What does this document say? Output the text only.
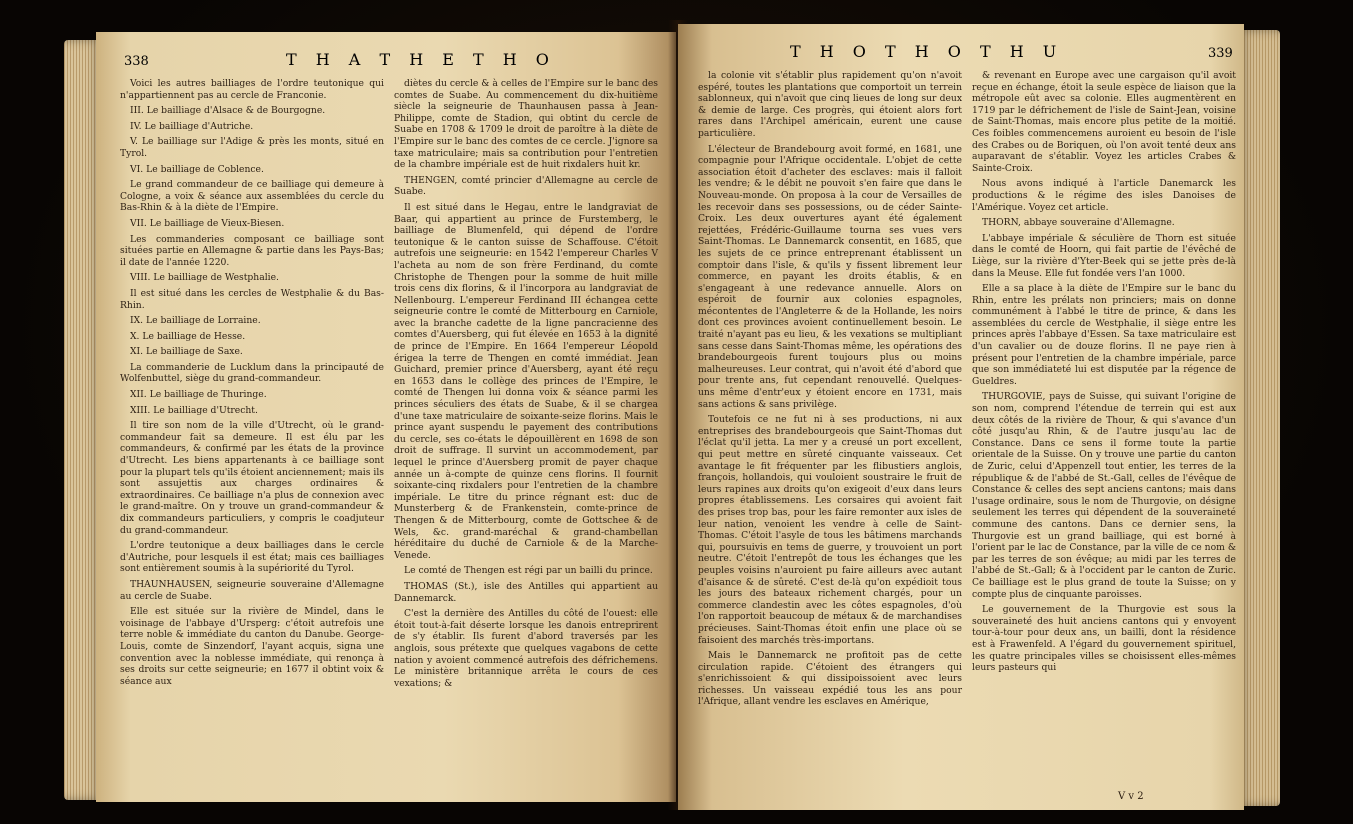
338	T H A T H E T H O

Voici les autres bailliages de l'ordre teutonique qui n'appartiennent pas au cercle de Franconie.

III. Le bailliage d'Alsace & de Bourgogne.

IV. Le bailliage d'Autriche.

V. Le bailliage sur l'Adige & près les monts, situé en Tyrol.

VI. Le bailliage de Coblence.

Le grand commandeur de ce bailliage qui demeure à Cologne, a voix & séance aux assemblées du cercle du Bas-Rhin & à la diète de l'Empire.

VII. Le bailliage de Vieux-Biesen.

Les commanderies composant ce bailliage sont situées partie en Allemagne & partie dans les Pays-Bas; il date de l'année 1220.

VIII. Le bailliage de Westphalie.

Il est situé dans les cercles de Westphalie & du Bas-Rhin.

IX. Le bailliage de Lorraine.

X. Le bailliage de Hesse.

XI. Le bailliage de Saxe.

La commanderie de Lucklum dans la principauté de Wolfenbuttel, siège du grand-commandeur.

XII. Le bailliage de Thuringe.

XIII. Le bailliage d'Utrecht.

Il tire son nom de la ville d'Utrecht, où le grand-commandeur fait sa demeure. Il est élu par les commandeurs, & confirmé par les états de la province d'Utrecht. Les biens appartenants à ce bailliage sont pour la plupart tels qu'ils étoient anciennement; mais ils sont assujettis aux charges ordinaires & extraordinaires. Ce bailliage n'a plus de connexion avec le grand-maître. On y trouve un grand-commandeur & dix commandeurs particuliers, y compris le coadjuteur du grand-commandeur.

L'ordre teutonique a deux bailliages dans le cercle d'Autriche, pour lesquels il est état; mais ces bailliages sont entièrement soumis à la supériorité du Tyrol.

THAUNHAUSEN, seigneurie souveraine d'Allemagne au cercle de Suabe.

Elle est située sur la rivière de Mindel, dans le voisinage de l'abbaye d'Ursperg: c'étoit autrefois une terre noble & immédiate du canton du Danube. George-Louis, comte de Sinzendorf, l'ayant acquis, signa une convention avec la noblesse immédiate, qui renonça à ses droits sur cette seigneurie; en 1677 il obtint voix & séance aux

diètes du cercle & à celles de l'Empire sur le banc des comtes de Suabe. Au commencement du dix-huitième siècle la seigneurie de Thaunhausen passa à Jean-Philippe, comte de Stadion, qui obtint du cercle de Suabe en 1708 & 1709 le droit de paroître à la diète de l'Empire sur le banc des comtes de ce cercle. J'ignore sa taxe matriculaire; mais sa contribution pour l'entretien de la chambre impériale est de huit rixdalers huit kr.

THENGEN, comté princier d'Allemagne au cercle de Suabe.

Il est situé dans le Hegau, entre le landgraviat de Baar, qui appartient au prince de Furstemberg, le bailliage de Blumenfeld, qui dépend de l'ordre teutonique & le canton suisse de Schaffouse. C'étoit autrefois une seigneurie: en 1542 l'empereur Charles V l'acheta au nom de son frère Ferdinand, du comte Christophe de Thengen pour la somme de huit mille trois cens dix florins, & il l'incorpora au landgraviat de Nellenbourg. L'empereur Ferdinand III échangea cette seigneurie contre le comté de Mitterbourg en Carniole, avec la branche cadette de la ligne pancracienne des comtes d'Auersberg, qui fut élevée en 1653 à la dignité de prince de l'Empire. En 1664 l'empereur Léopold érigea la terre de Thengen en comté immédiat. Jean Guichard, premier prince d'Auersberg, ayant été reçu en 1653 dans le collège des princes de l'Empire, le comté de Thengen lui donna voix & séance parmi les princes séculiers des états de Suabe, & il se chargea d'une taxe matriculaire de soixante-seize florins. Mais le prince ayant suspendu le payement des contributions du cercle, ses co-états le dépouillèrent en 1698 de son droit de suffrage. Il survint un accommodement, par lequel le prince d'Auersberg promit de payer chaque année un à-compte de quinze cens florins. Il fournit soixante-cinq rixdalers pour l'entretien de la chambre impériale. Le titre du prince régnant est: duc de Munsterberg & de Frankenstein, comte-prince de Thengen & de Mitterbourg, comte de Gottschee & de Wels, &c. grand-maréchal & grand-chambellan héréditaire du duché de Carniole & de la Marche-Venede.

Le comté de Thengen est régi par un bailli du prince.

THOMAS (St.), isle des Antilles qui appartient au Dannemarck.

C'est la dernière des Antilles du côté de l'ouest: elle étoit tout-à-fait déserte lorsque les danois entreprirent de s'y établir. Ils furent d'abord traversés par les anglois, sous prétexte que quelques vagabons de cette nation y avoient commencé autrefois des défrichemens. Le ministère britannique arrêta le cours de ces vexations; &

T H O T H O T H U	339

la colonie vit s'établir plus rapidement qu'on n'avoit espéré, toutes les plantations que comportoit un terrein sablonneux, qui n'avoit que cinq lieues de long sur deux & demie de large. Ces progrès, qui étoient alors fort rares dans l'Archipel américain, eurent une cause particulière.

L'électeur de Brandebourg avoit formé, en 1681, une compagnie pour l'Afrique occidentale. L'objet de cette association étoit d'acheter des esclaves: mais il falloit les vendre; & le débit ne pouvoit s'en faire que dans le Nouveau-monde. On proposa à la cour de Versailles de les recevoir dans ses possessions, ou de céder Sainte-Croix. Les deux ouvertures ayant été également rejettées, Frédéric-Guillaume tourna ses vues vers Saint-Thomas. Le Dannemarck consentit, en 1685, que les sujets de ce prince entreprenant établissent un comptoir dans l'isle, & qu'ils y fissent librement leur commerce, en payant les droits établis, & en s'engageant à une redevance annuelle. Alors on espéroit de fournir aux colonies espagnoles, mécontentes de l'Angleterre & de la Hollande, les noirs dont ces provinces avoient continuellement besoin. Le traité n'ayant pas eu lieu, & les vexations se multipliant sans cesse dans Saint-Thomas même, les opérations des brandebourgeois furent toujours plus ou moins malheureuses. Leur contrat, qui n'avoit été d'abord que pour trente ans, fut cependant renouvellé. Quelques-uns même d'entr'eux y étoient encore en 1731, mais sans actions & sans privilège.

Toutefois ce ne fut ni à ses productions, ni aux entreprises des brandebourgeois que Saint-Thomas dut l'éclat qu'il jetta. La mer y a creusé un port excellent, qui peut mettre en sûreté cinquante vaisseaux. Cet avantage le fit fréquenter par les flibustiers anglois, françois, hollandois, qui vouloient soustraire le fruit de leurs rapines aux droits qu'on exigeoit d'eux dans leurs propres établissemens. Les corsaires qui avoient fait des prises trop bas, pour les faire remonter aux isles de leur nation, venoient les vendre à celle de Saint-Thomas. C'étoit l'asyle de tous les bâtimens marchands qui, poursuivis en tems de guerre, y trouvoient un port neutre. C'étoit l'entrepôt de tous les échanges que les peuples voisins n'auroient pu faire ailleurs avec autant d'aisance & de sûreté. C'est de-là qu'on expédioit tous les jours des bateaux richement chargés, pour un commerce clandestin avec les côtes espagnoles, d'où l'on rapportoit beaucoup de métaux & de marchandises précieuses. Saint-Thomas étoit enfin une place où se faisoient des marchés très-importans.

Mais le Dannemarck ne profitoit pas de cette circulation rapide. C'étoient des étrangers qui s'enrichissoient & qui dissipoissoient avec leurs richesses. Un vaisseau expédié tous les ans pour l'Afrique, allant vendre les esclaves en Amérique,

& revenant en Europe avec une cargaison qu'il avoit reçue en échange, étoit la seule espèce de liaison que la métropole eût avec sa colonie. Elles augmentèrent en 1719 par le défrichement de l'isle de Saint-Jean, voisine de Saint-Thomas, mais encore plus petite de la moitié. Ces foibles commencemens auroient eu besoin de l'isle des Crabes ou de Boriquen, où l'on avoit tenté deux ans auparavant de s'établir. Voyez les articles Crabes & Sainte-Croix.

Nous avons indiqué à l'article Danemarck les productions & le régime des isles Danoises de l'Amérique. Voyez cet article.

THORN, abbaye souveraine d'Allemagne.

L'abbaye impériale & séculière de Thorn est située dans le comté de Hoorn, qui fait partie de l'évêché de Liège, sur la rivière d'Yter-Beek qui se jette près de-là dans la Meuse. Elle fut fondée vers l'an 1000.

Elle a sa place à la diète de l'Empire sur le banc du Rhin, entre les prélats non princiers; mais on donne communément à l'abbé le titre de prince, & dans les assemblées du cercle de Westphalie, il siège entre les princes après l'abbaye d'Essen. Sa taxe matriculaire est d'un cavalier ou de douze florins. Il ne paye rien à présent pour l'entretien de la chambre impériale, parce que son immédiateté lui est disputée par la régence de Gueldres.

THURGOVIE, pays de Suisse, qui suivant l'origine de son nom, comprend l'étendue de terrein qui est aux deux côtés de la rivière de Thour, & qui s'avance d'un côté jusqu'au Rhin, & de l'autre jusqu'au lac de Constance. Dans ce sens il forme toute la partie orientale de la Suisse. On y trouve une partie du canton de Zuric, celui d'Appenzell tout entier, les terres de la république & de l'abbé de St.-Gall, celles de l'évêque de Constance & celles des sept anciens cantons; mais dans l'usage ordinaire, sous le nom de Thurgovie, on désigne seulement les terres qui dépendent de la souveraineté commune des cantons. Dans ce dernier sens, la Thurgovie est un grand bailliage, qui est borné à l'orient par le lac de Constance, par la ville de ce nom & par les terres de son évêque; au midi par les terres de l'abbé de St.-Gall; & à l'occident par le canton de Zuric. Ce bailliage est le plus grand de toute la Suisse; on y compte plus de cinquante paroisses.

Le gouvernement de la Thurgovie est sous la souveraineté des huit anciens cantons qui y envoyent tour-à-tour pour deux ans, un bailli, dont la résidence est à Frawenfeld. A l'égard du gouvernement spirituel, les quatre principales villes se choisissent elles-mêmes leurs pasteurs qui

V v 2
